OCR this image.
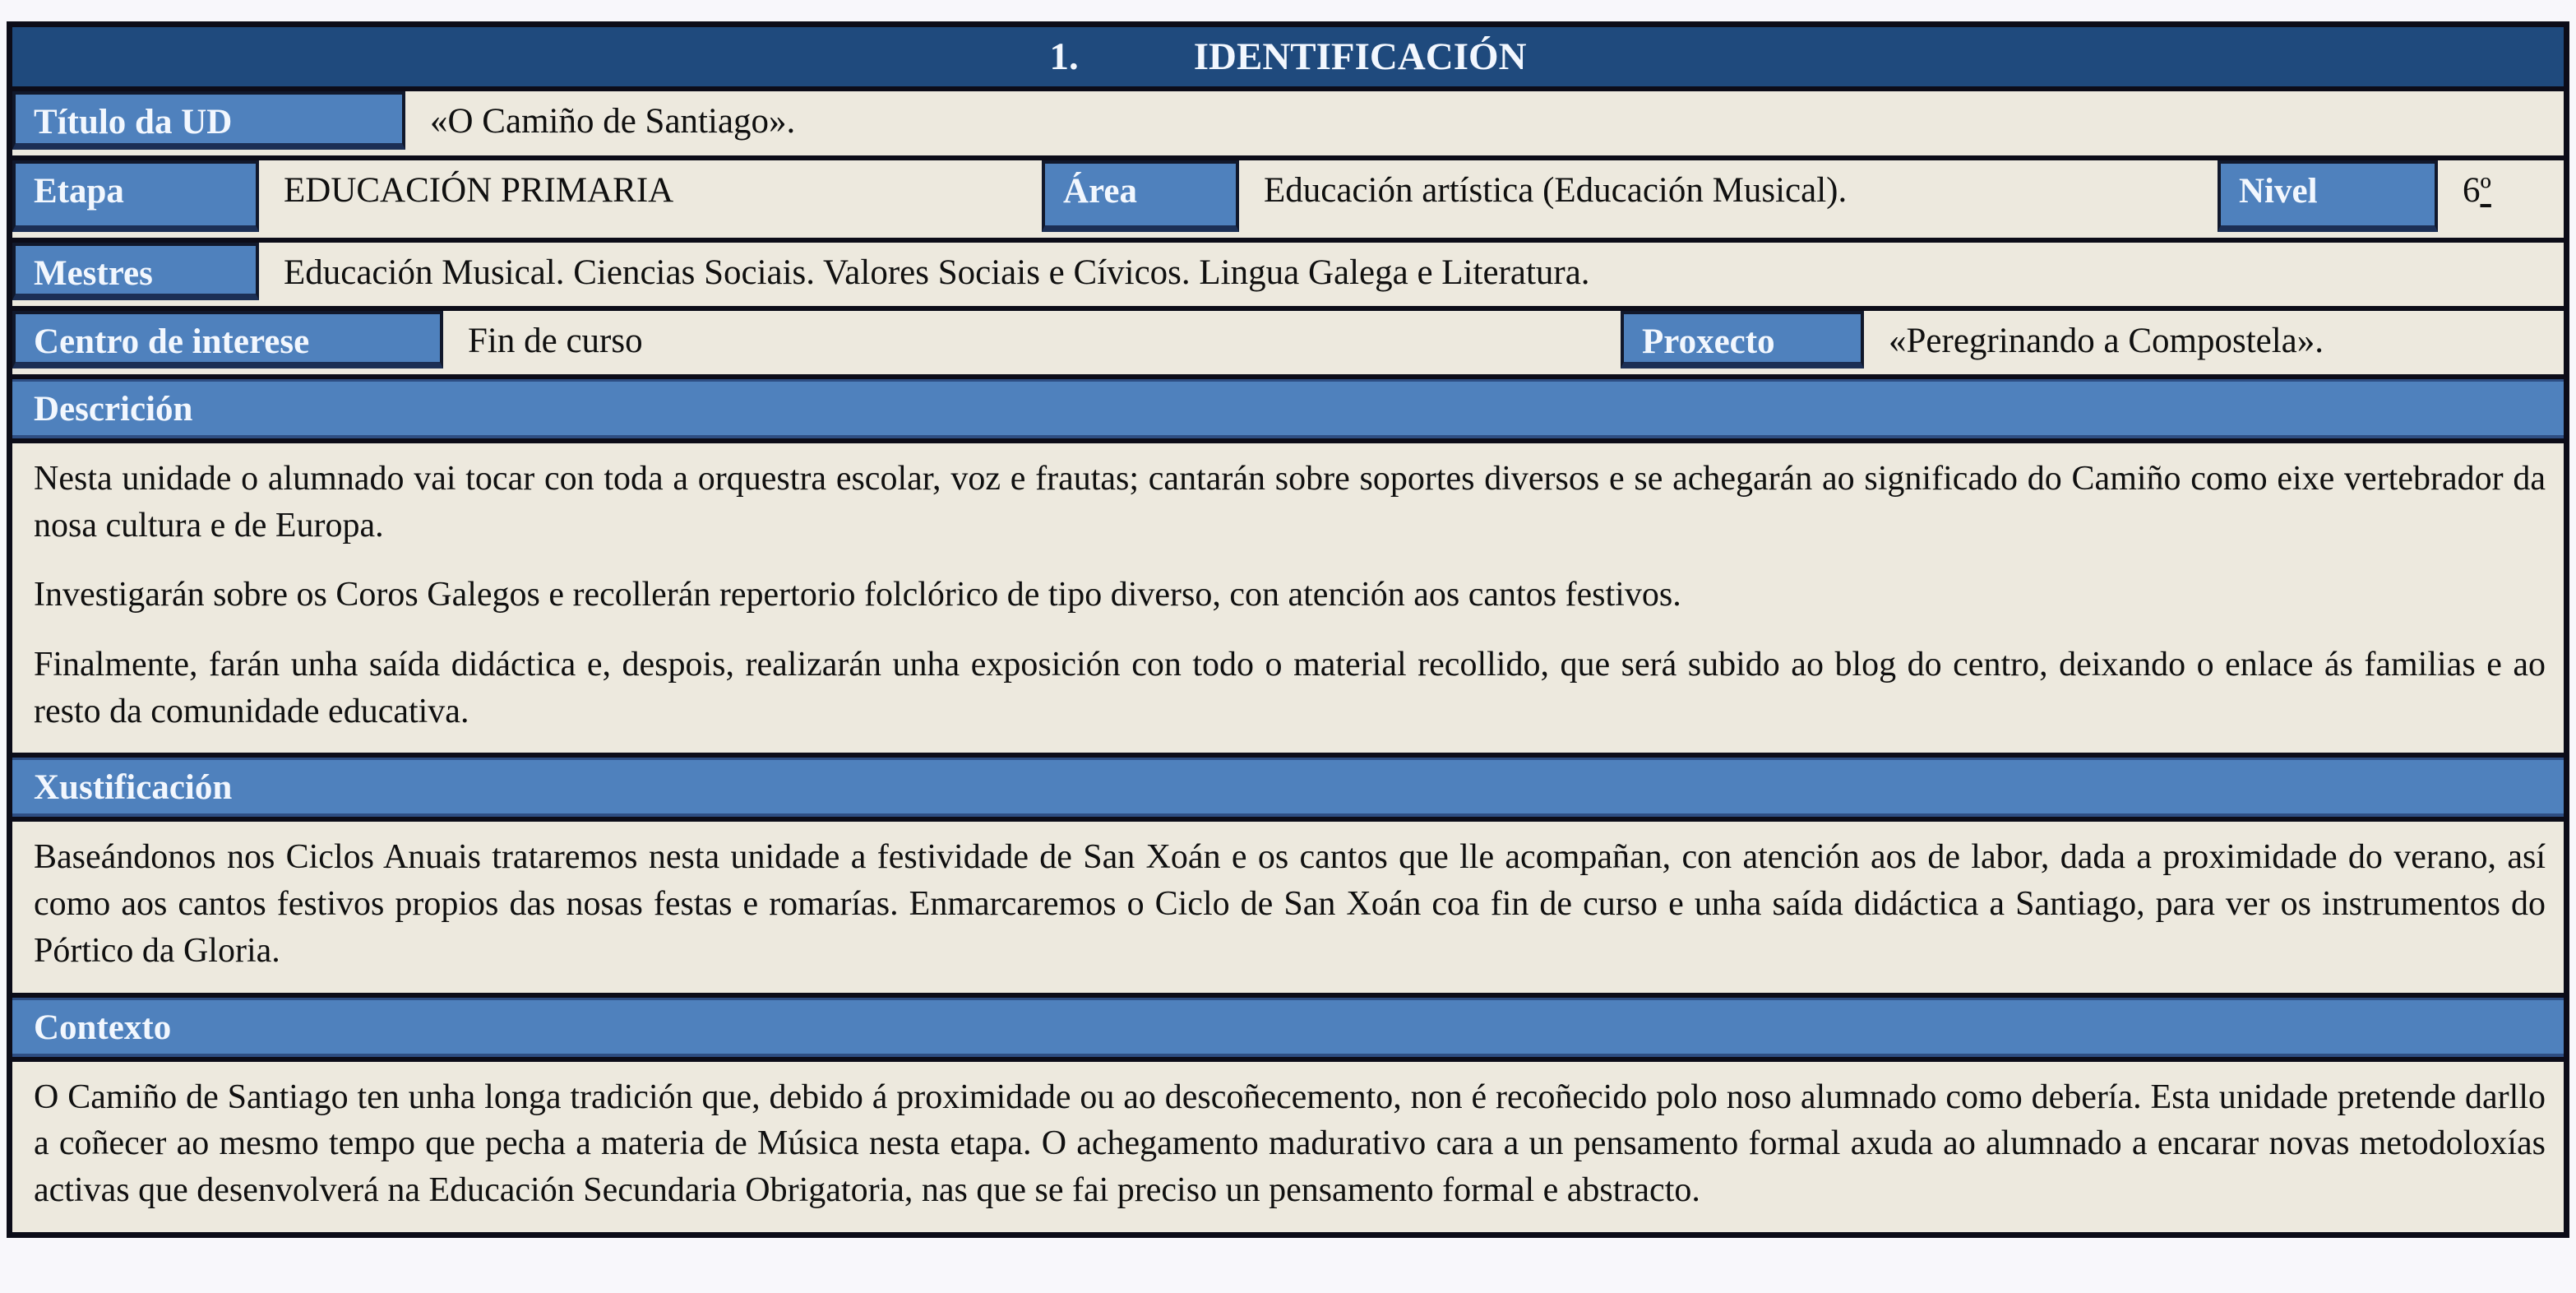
1.	IDENTIFICACIÓN
Título da UD	«O Camiño de Santiago».
Etapa	EDUCACIÓN PRIMARIA	Área	Educación artística (Educación Musical).	Nivel	6º
Mestres	Educación Musical. Ciencias Sociais. Valores Sociais e Cívicos. Lingua Galega e Literatura.
Centro de interese	Fin de curso	Proxecto	«Peregrinando a Compostela».
Descrición
Nesta unidade o alumnado vai tocar con toda a orquestra escolar, voz e frautas; cantarán sobre soportes diversos e se achegarán ao significado do Camiño como eixe vertebrador da nosa cultura e de Europa.
Investigarán sobre os Coros Galegos e recollerán repertorio folclórico de tipo diverso, con atención aos cantos festivos.
Finalmente, farán unha saída didáctica e, despois, realizarán unha exposición con todo o material recollido, que será subido ao blog do centro, deixando o enlace ás familias e ao resto da comunidade educativa.
Xustificación
Baseándonos nos Ciclos Anuais trataremos nesta unidade a festividade de San Xoán e os cantos que lle acompañan, con atención aos de labor, dada a proximidade do verano, así como aos cantos festivos propios das nosas festas e romarías. Enmarcaremos o Ciclo de San Xoán coa fin de curso e unha saída didáctica a Santiago, para ver os instrumentos do Pórtico da Gloria.
Contexto
O Camiño de Santiago ten unha longa tradición que, debido á proximidade ou ao descoñecemento, non é recoñecido polo noso alumnado como debería. Esta unidade pretende darllo a coñecer ao mesmo tempo que pecha a materia de Música nesta etapa. O achegamento madurativo cara a un pensamento formal axuda ao alumnado a encarar novas metodoloxías activas que desenvolverá na Educación Secundaria Obrigatoria, nas que se fai preciso un pensamento formal e abstracto.
